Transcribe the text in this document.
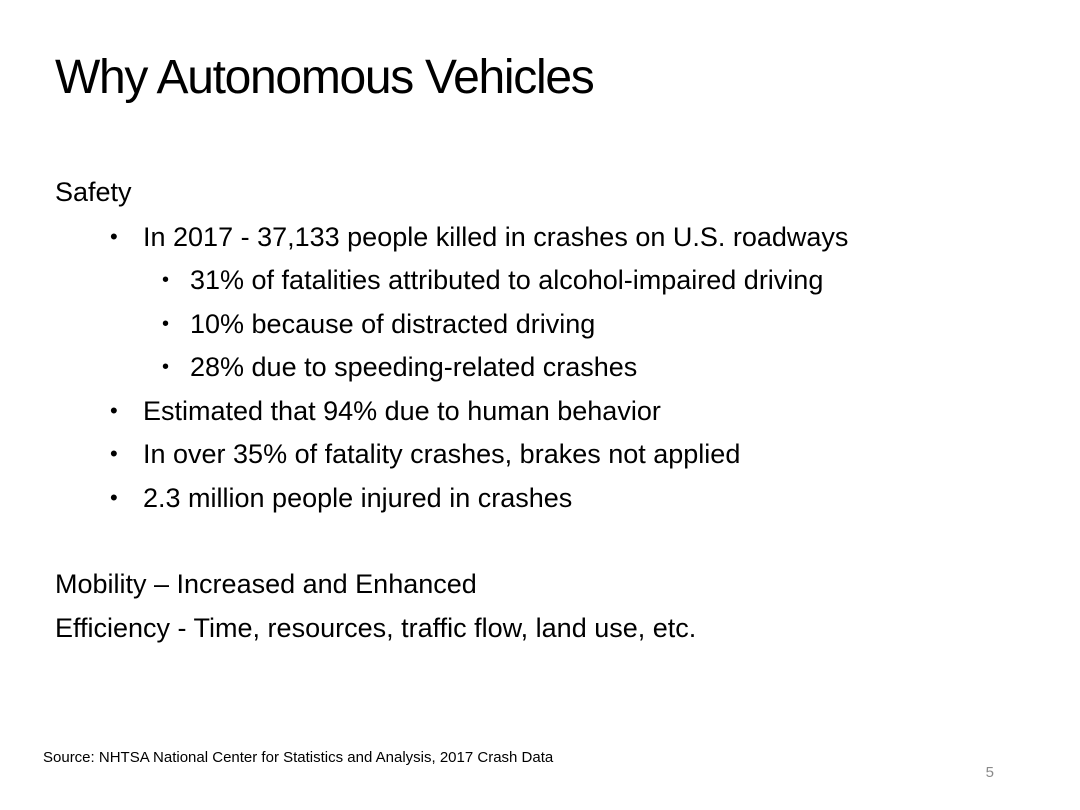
Why Autonomous Vehicles
Safety
• In 2017 - 37,133 people killed in crashes on U.S. roadways
• 31% of fatalities attributed to alcohol-impaired driving
• 10% because of distracted driving
• 28% due to speeding-related crashes
• Estimated that 94% due to human behavior
• In over 35% of fatality crashes, brakes not applied
• 2.3 million people injured in crashes
Mobility – Increased and Enhanced
Efficiency - Time, resources, traffic flow, land use, etc.
Source: NHTSA National Center for Statistics and Analysis, 2017 Crash Data
5
